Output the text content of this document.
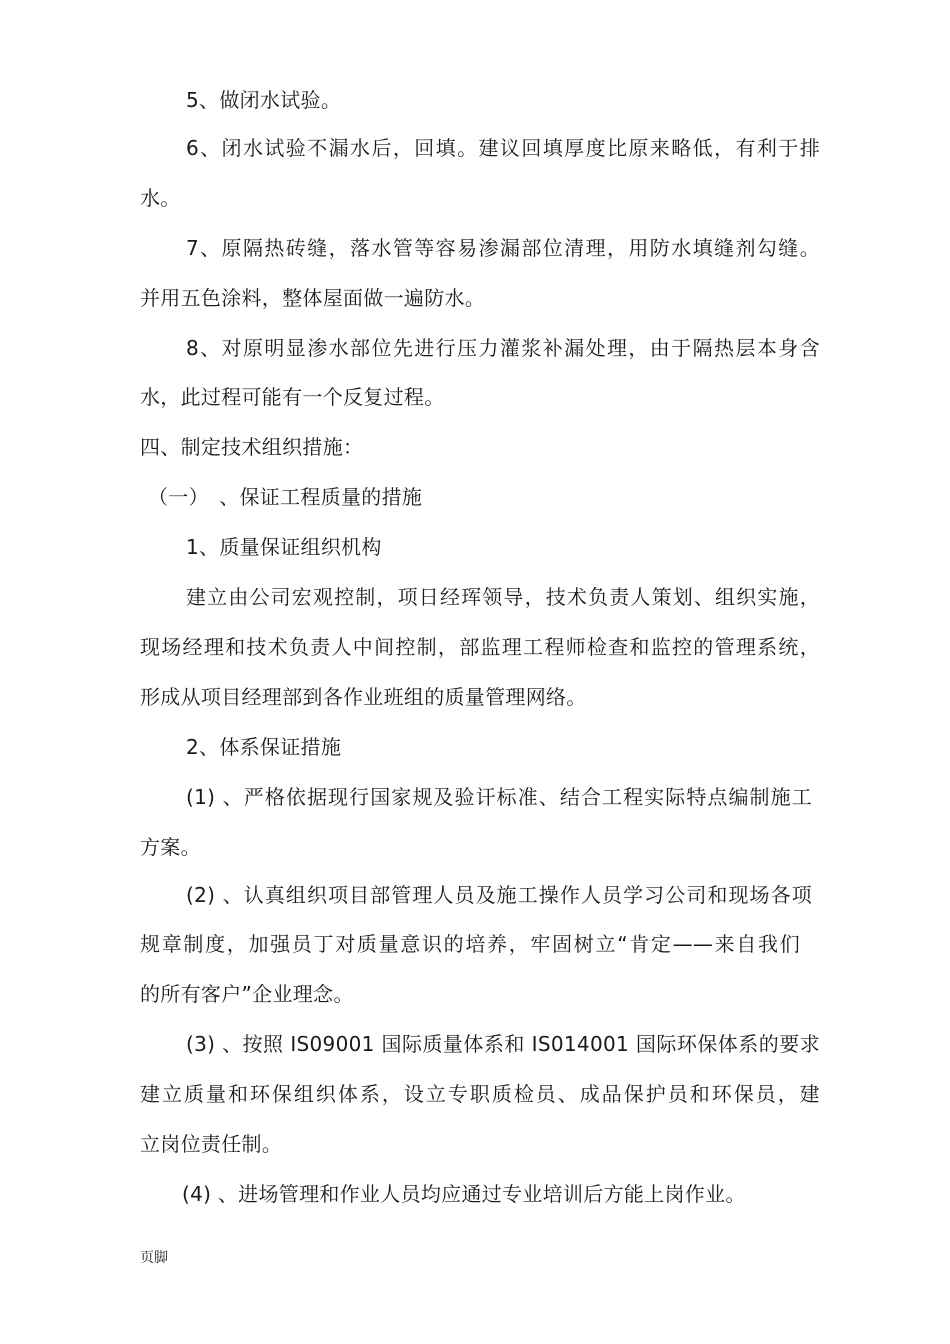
5、做闭水试验。
6、闭水试验不漏水后，回填。建议回填厚度比原来略低，有利于排
水。
7、原隔热砖缝，落水管等容易渗漏部位清理，用防水填缝剂勾缝。
并用五色涂料，整体屋面做一遍防水。
8、对原明显渗水部位先进行压力灌浆补漏处理，由于隔热层本身含
水，此过程可能有一个反复过程。
四、制定技术组织措施：
（一）　、保证工程质量的措施
1、质量保证组织机构
建立由公司宏观控制，项日经珲领导，技术负责人策划、组织实施，
现场经理和技术负责人中间控制，部监理工程师检查和监控的管理系统，
形成从项目经理部到各作业班组的质量管理网络。
2、体系保证措施
(1) 、严格依据现行国家规及验讦标准、结合工程实际特点编制施工
方案。
(2) 、认真组织项目部管理人员及施工操作人员学习公司和现场各项
规章制度，加强员丁对质量意识的培养，牢固树立“肯定——来自我们
的所有客户”企业理念。
(3) 、按照 IS09001 国际质量体系和 IS014001 国际环保体系的要求
建立质量和环保组织体系，设立专职质检员、成品保护员和环保员，建
立岗位责任制。
(4) 、进场管理和作业人员均应通过专业培训后方能上岗作业。
页脚
